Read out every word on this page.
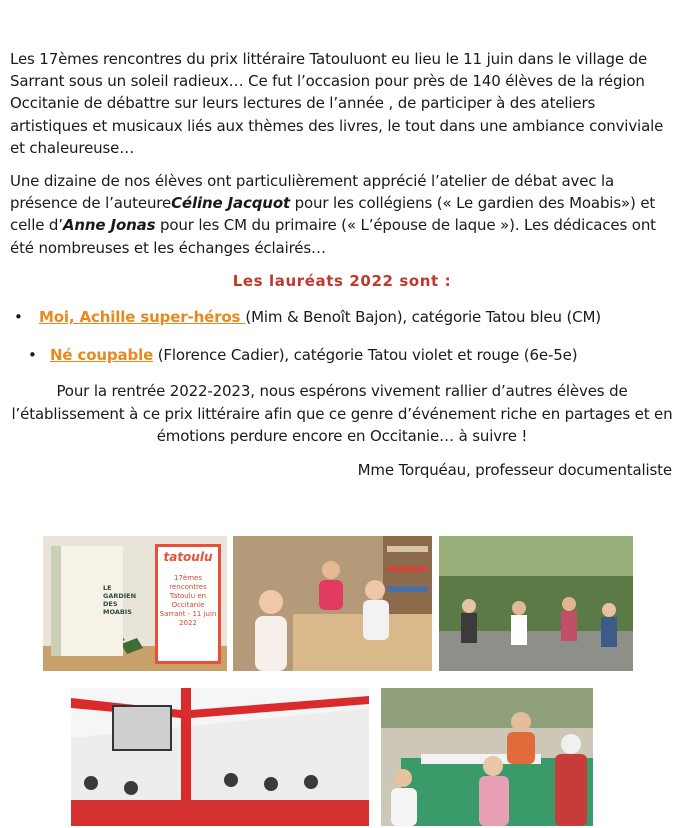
Les 17èmes rencontres du prix littéraire Tatouluont eu lieu le 11 juin dans le village de Sarrant sous un soleil radieux… Ce fut l’occasion pour près de 140 élèves de la région Occitanie de débattre sur leurs lectures de l’année , de participer à des ateliers artistiques et musicaux liés aux thèmes des livres, le tout dans une ambiance conviviale et chaleureuse…

Une dizaine de nos élèves ont particulièrement apprécié l’atelier de débat avec la présence de l’auteureCéline Jacquot pour les collégiens (« Le gardien des Moabis») et celle d’Anne Jonas pour les CM du primaire (« L’épouse de laque »). Les dédicaces ont été nombreuses et les échanges éclairés…

Les lauréats 2022 sont :

• Moi, Achille super-héros (Mim & Benoît Bajon), catégorie Tatou bleu (CM)
• Né coupable (Florence Cadier), catégorie Tatou violet et rouge (6e-5e)

Pour la rentrée 2022-2023, nous espérons vivement rallier d’autres élèves de l’établissement à ce prix littéraire afin que ce genre d’événement riche en partages et en émotions perdure encore en Occitanie… à suivre !

Mme Torquéau, professeur documentaliste

LE GARDIEN DES MOABIS
tatoulu
17èmes rencontres Tatoulu en Occitanie Sarrant - 11 juin 2022
